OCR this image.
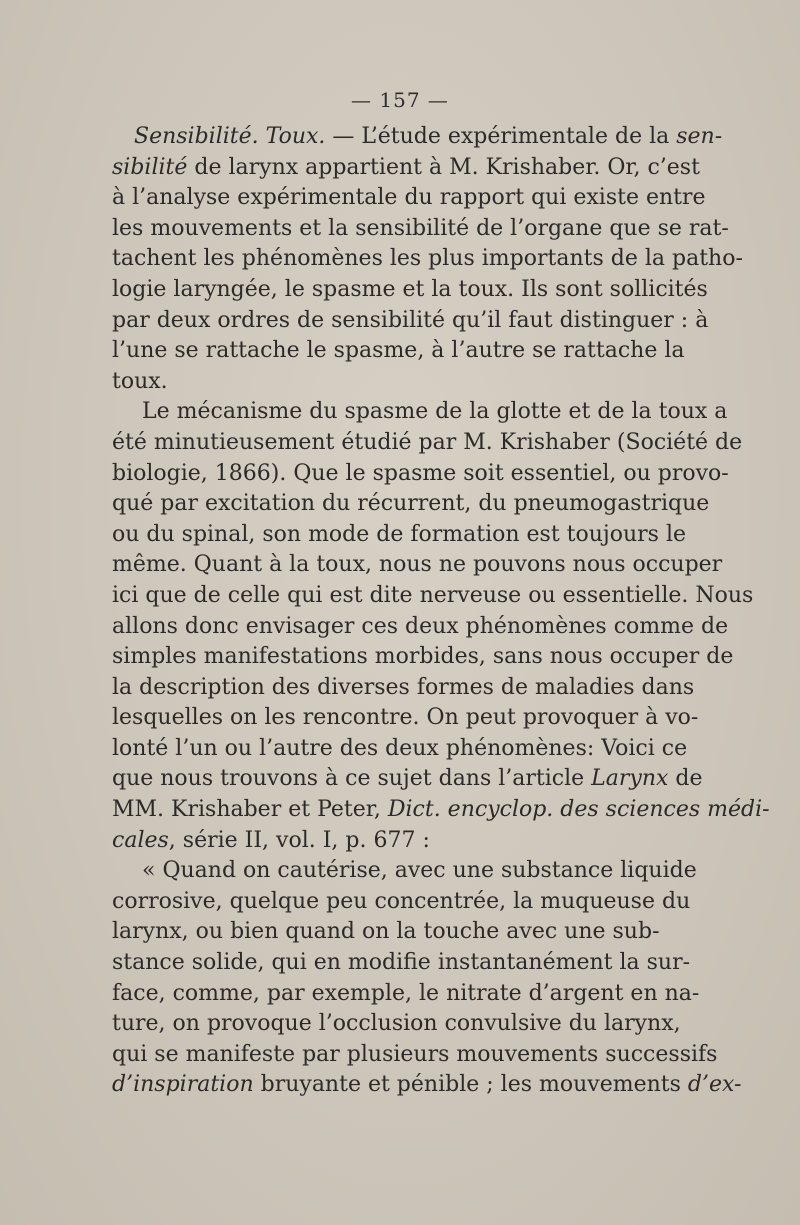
— 157 —
Sensibilité. Toux. — L’étude expérimentale de la sen-
sibilité de larynx appartient à M. Krishaber. Or, c’est
à l’analyse expérimentale du rapport qui existe entre
les mouvements et la sensibilité de l’organe que se rat-
tachent les phénomènes les plus importants de la patho-
logie laryngée, le spasme et la toux. Ils sont sollicités
par deux ordres de sensibilité qu’il faut distinguer : à
l’une se rattache le spasme, à l’autre se rattache la
toux.
Le mécanisme du spasme de la glotte et de la toux a
été minutieusement étudié par M. Krishaber (Société de
biologie, 1866). Que le spasme soit essentiel, ou provo-
qué par excitation du récurrent, du pneumogastrique
ou du spinal, son mode de formation est toujours le
même. Quant à la toux, nous ne pouvons nous occuper
ici que de celle qui est dite nerveuse ou essentielle. Nous
allons donc envisager ces deux phénomènes comme de
simples manifestations morbides, sans nous occuper de
la description des diverses formes de maladies dans
lesquelles on les rencontre. On peut provoquer à vo-
lonté l’un ou l’autre des deux phénomènes: Voici ce
que nous trouvons à ce sujet dans l’article Larynx de
MM. Krishaber et Peter, Dict. encyclop. des sciences médi-
cales, série II, vol. I, p. 677 :
« Quand on cautérise, avec une substance liquide
corrosive, quelque peu concentrée, la muqueuse du
larynx, ou bien quand on la touche avec une sub-
stance solide, qui en modifie instantanément la sur-
face, comme, par exemple, le nitrate d’argent en na-
ture, on provoque l’occlusion convulsive du larynx,
qui se manifeste par plusieurs mouvements successifs
d’inspiration bruyante et pénible ; les mouvements d’ex-
